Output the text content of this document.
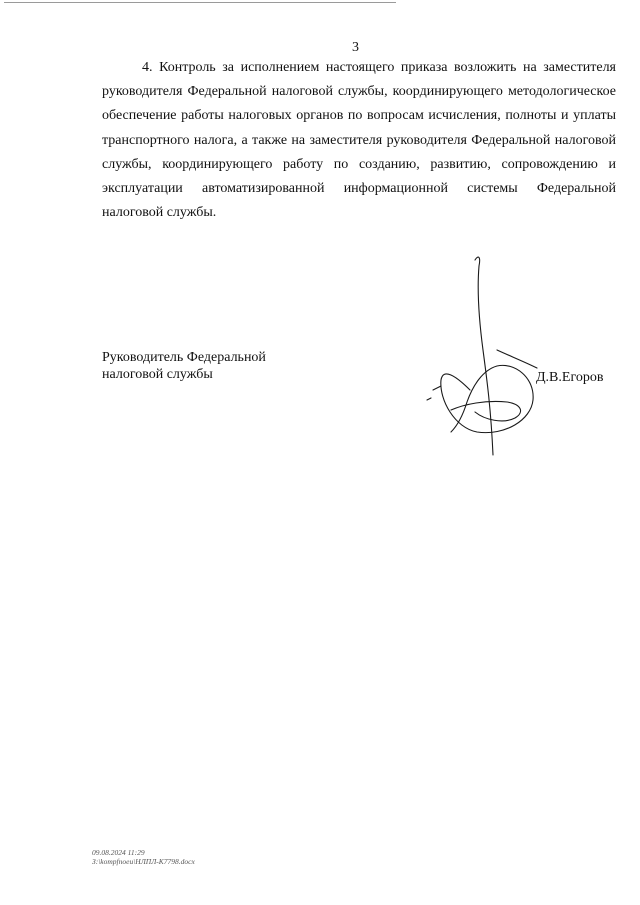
3

4. Контроль за исполнением настоящего приказа возложить на заместителя руководителя Федеральной налоговой службы, координирующего методологическое обеспечение работы налоговых органов по вопросам исчисления, полноты и уплаты транспортного налога, а также на заместителя руководителя Федеральной налоговой службы, координирующего работу по созданию, развитию, сопровождению и эксплуатации автоматизированной информационной системы Федеральной налоговой службы.

Руководитель Федеральной
налоговой службы	Д.В.Егоров
09.08.2024 11:29
З:\kompfnoeu\НЛПЛ-К7798.docx
